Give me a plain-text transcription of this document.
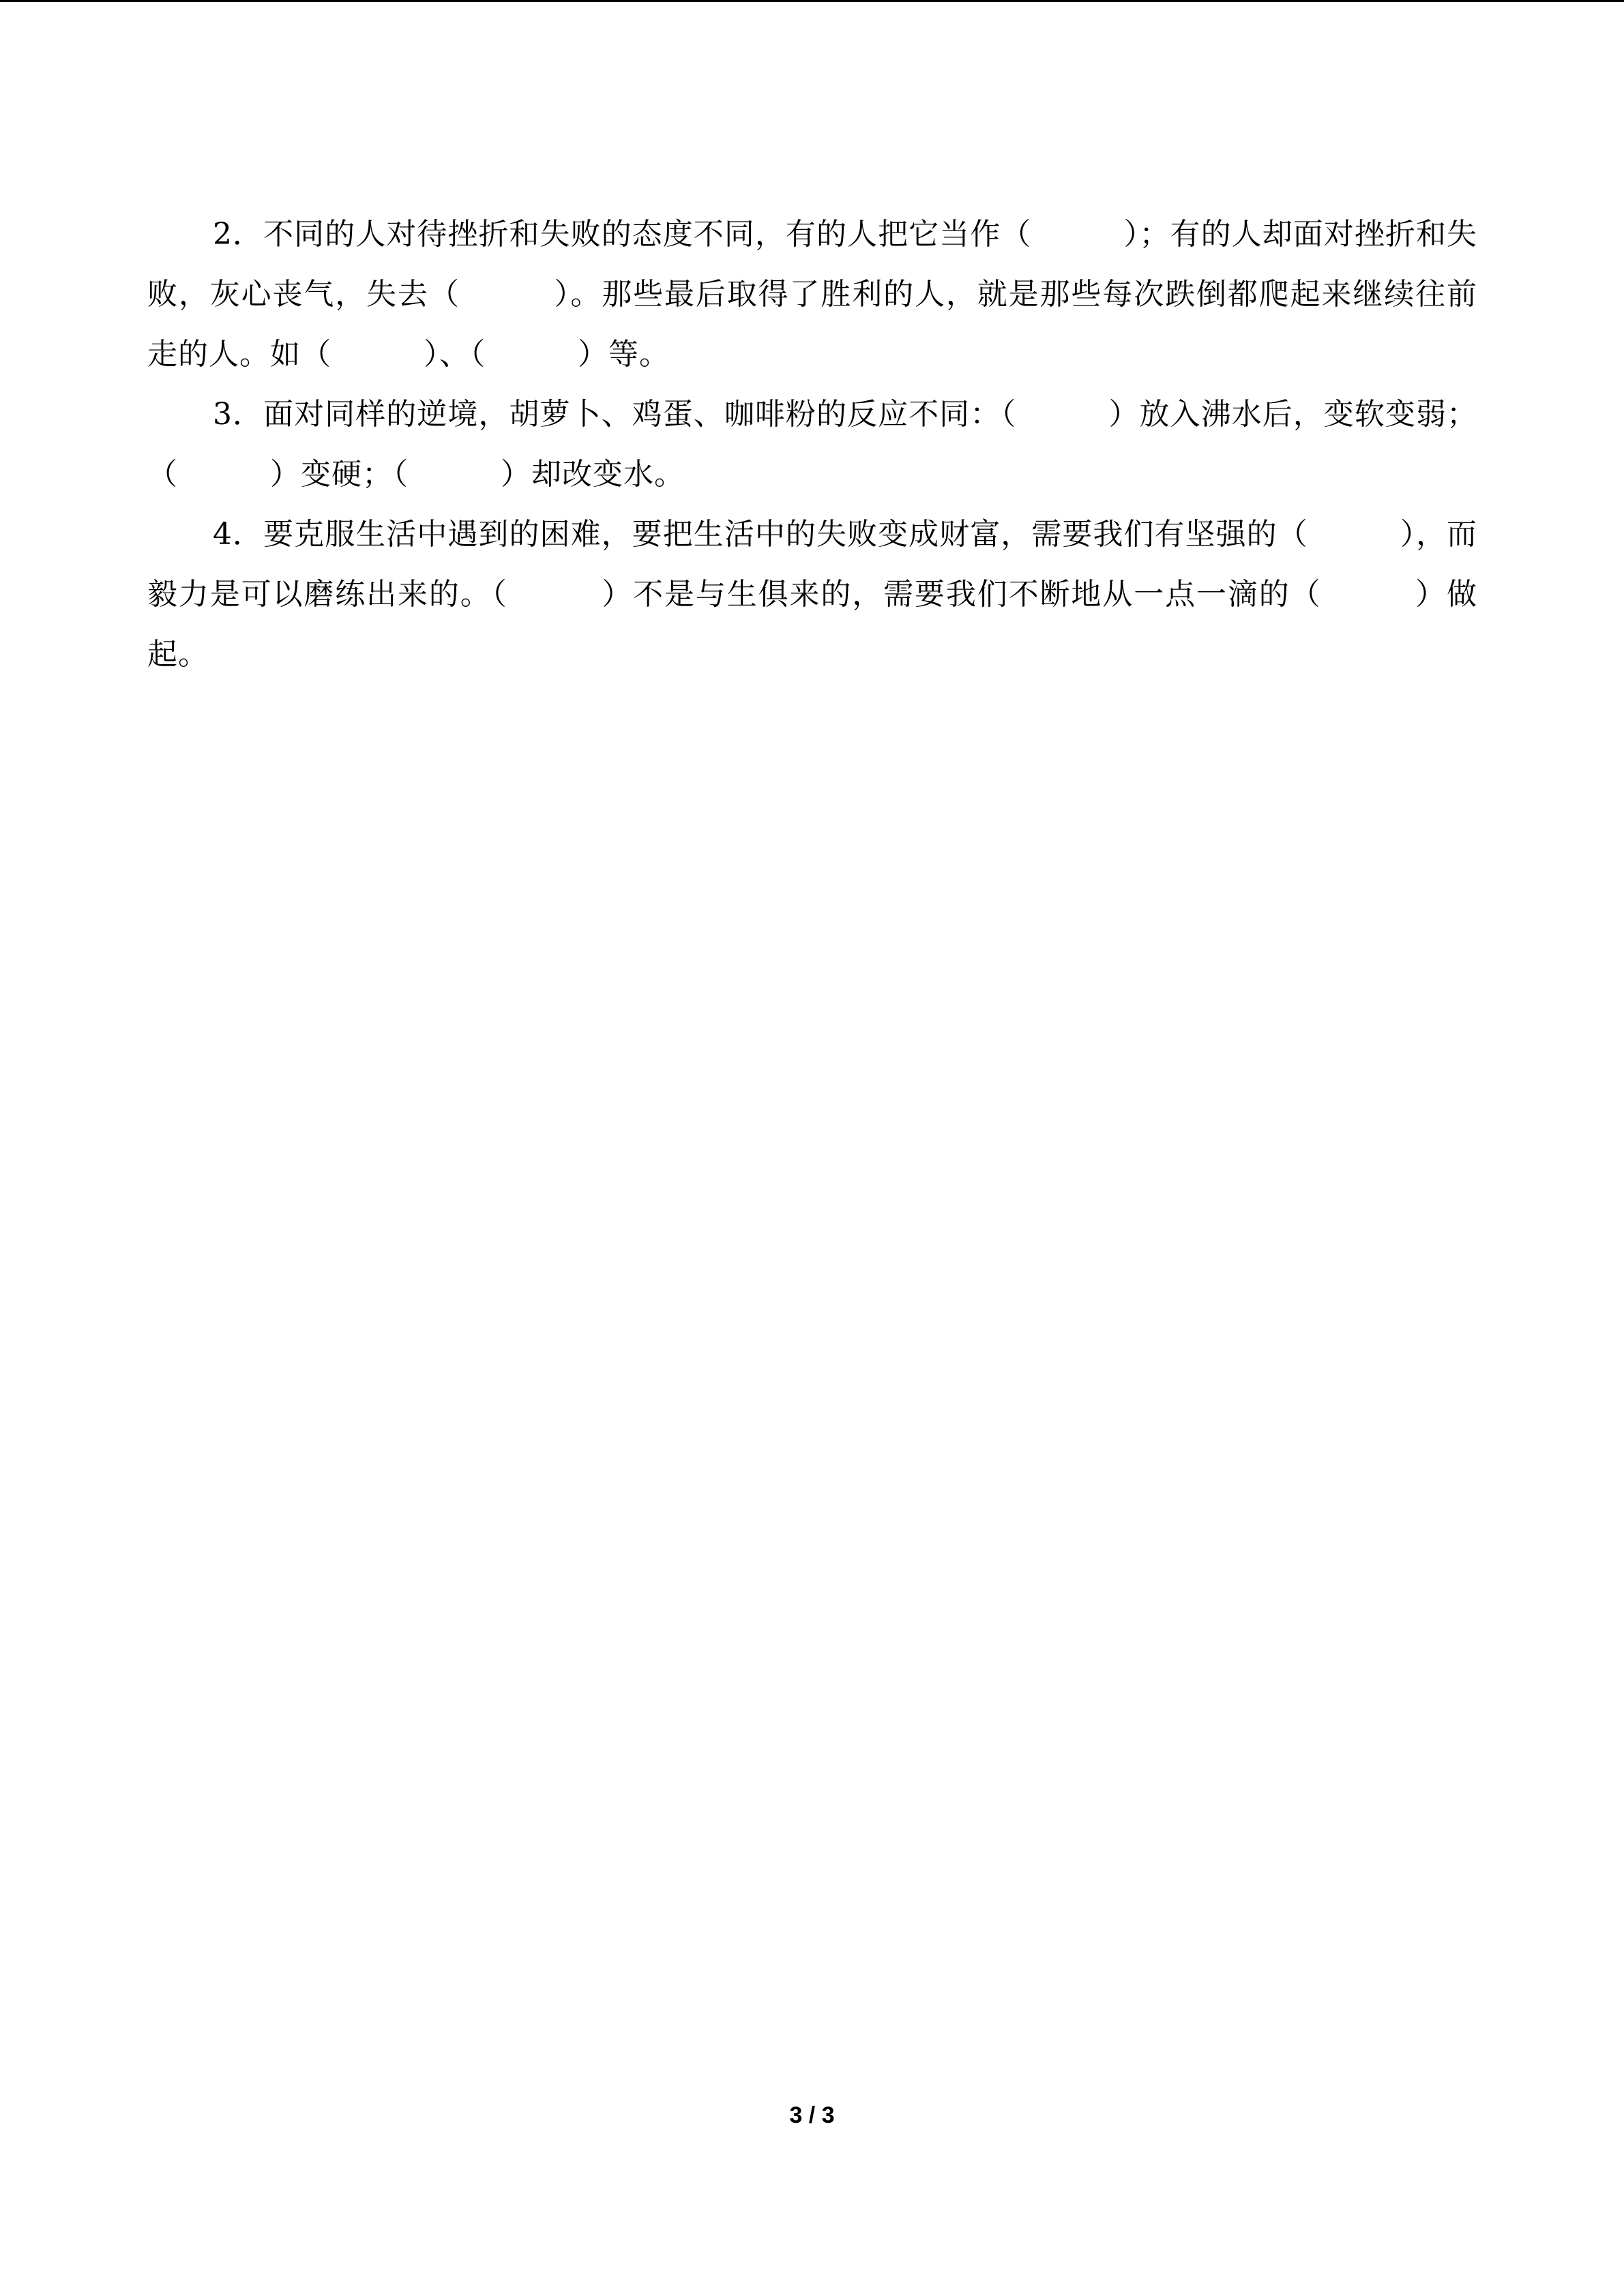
2．不同的人对待挫折和失败的态度不同，有的人把它当作（　　　）；有的人却面对挫折和失败，灰心丧气，失去（　　　）。那些最后取得了胜利的人，就是那些每次跌倒都爬起来继续往前走的人。如（　　　）、（　　　）等。

3．面对同样的逆境，胡萝卜、鸡蛋、咖啡粉的反应不同：（　　　）放入沸水后，变软变弱；（　　　）变硬；（　　　）却改变水。

4．要克服生活中遇到的困难，要把生活中的失败变成财富，需要我们有坚强的（　　　），而毅力是可以磨练出来的。（　　　）不是与生俱来的，需要我们不断地从一点一滴的（　　　）做起。

3 / 3
